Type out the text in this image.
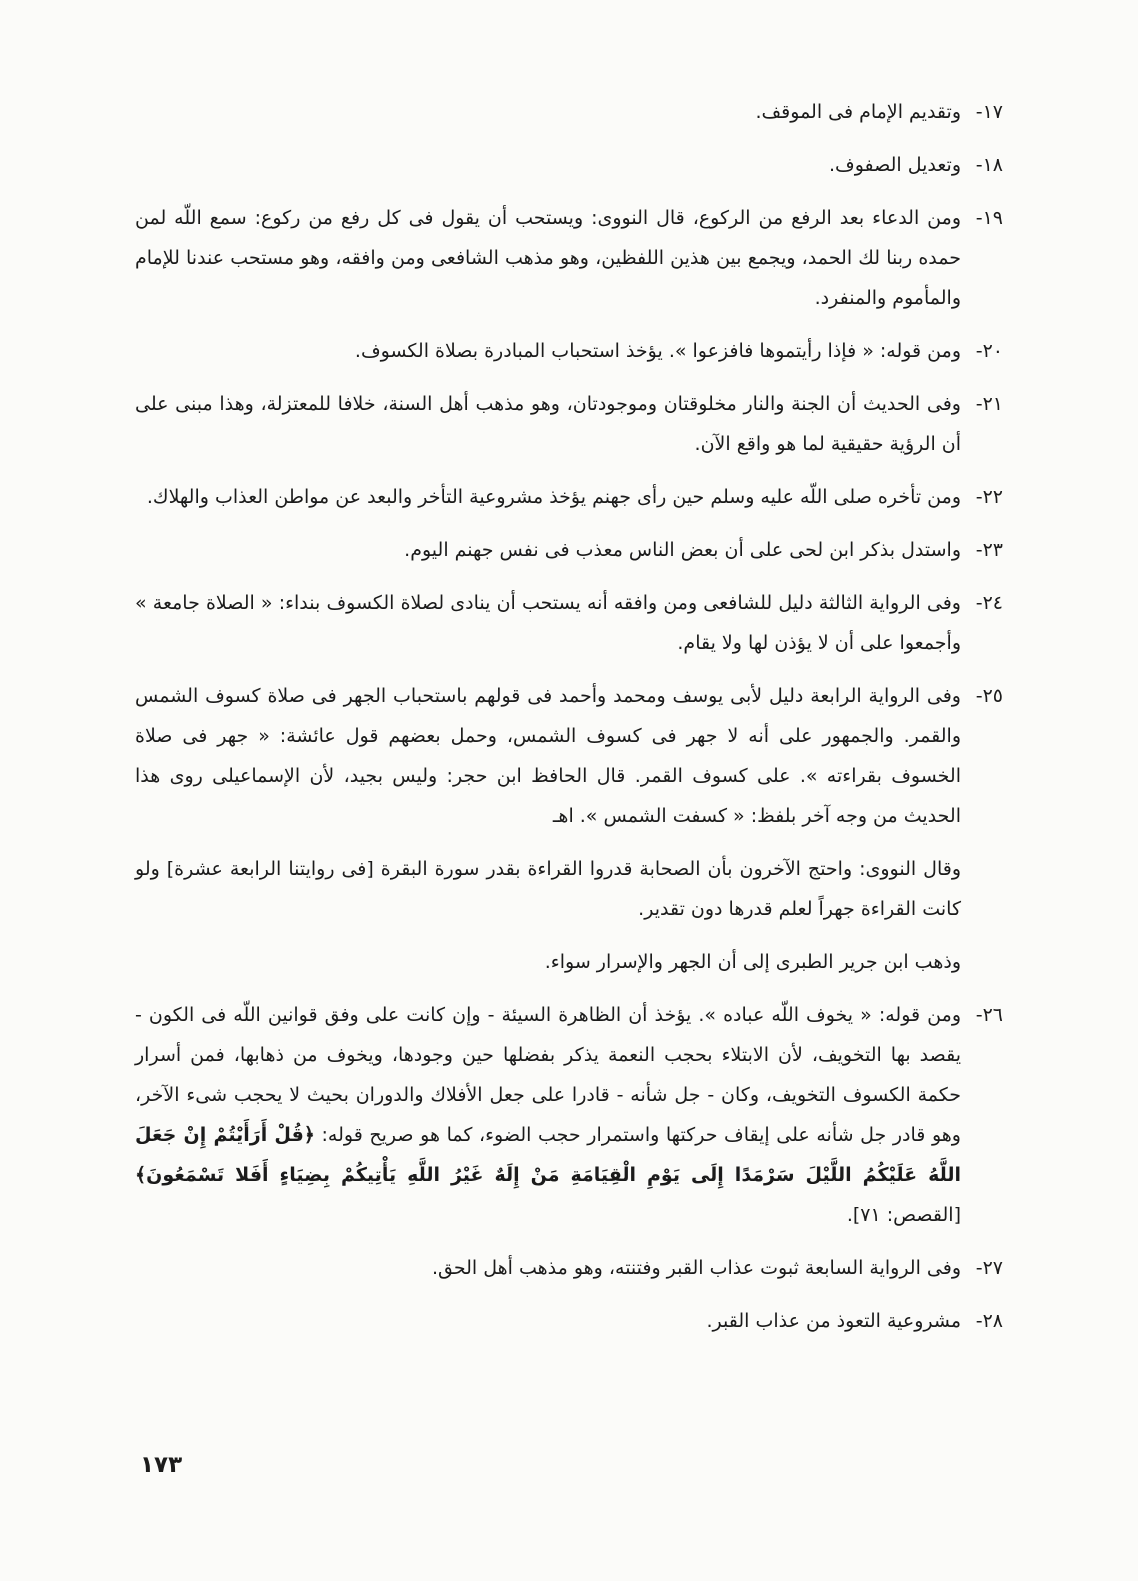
١٧-
وتقديم الإمام فى الموقف.

١٨-
وتعديل الصفوف.

١٩-
ومن الدعاء بعد الرفع من الركوع، قال النووى: ويستحب أن يقول فى كل رفع من ركوع: سمع اللّه لمن حمده ربنا لك الحمد، ويجمع بين هذين اللفظين، وهو مذهب الشافعى ومن وافقه، وهو مستحب عندنا للإمام والمأموم والمنفرد.

٢٠-
ومن قوله: « فإذا رأيتموها فافزعوا ». يؤخذ استحباب المبادرة بصلاة الكسوف.

٢١-
وفى الحديث أن الجنة والنار مخلوقتان وموجودتان، وهو مذهب أهل السنة، خلافا للمعتزلة، وهذا مبنى على أن الرؤية حقيقية لما هو واقع الآن.

٢٢-
ومن تأخره صلى اللّه عليه وسلم حين رأى جهنم يؤخذ مشروعية التأخر والبعد عن مواطن العذاب والهلاك.

٢٣-
واستدل بذكر ابن لحى على أن بعض الناس معذب فى نفس جهنم اليوم.

٢٤-
وفى الرواية الثالثة دليل للشافعى ومن وافقه أنه يستحب أن ينادى لصلاة الكسوف بنداء: « الصلاة جامعة » وأجمعوا على أن لا يؤذن لها ولا يقام.

٢٥-
وفى الرواية الرابعة دليل لأبى يوسف ومحمد وأحمد فى قولهم باستحباب الجهر فى صلاة كسوف الشمس والقمر. والجمهور على أنه لا جهر فى كسوف الشمس، وحمل بعضهم قول عائشة: « جهر فى صلاة الخسوف بقراءته ». على كسوف القمر. قال الحافظ ابن حجر: وليس بجيد، لأن الإسماعيلى روى هذا الحديث من وجه آخر بلفظ: « كسفت الشمس ». اهـ

وقال النووى: واحتج الآخرون بأن الصحابة قدروا القراءة بقدر سورة البقرة [فى روايتنا الرابعة عشرة] ولو كانت القراءة جهراً لعلم قدرها دون تقدير.

وذهب ابن جرير الطبرى إلى أن الجهر والإسرار سواء.

٢٦-
ومن قوله: « يخوف اللّه عباده ». يؤخذ أن الظاهرة السيئة - وإن كانت على وفق قوانين اللّه فى الكون - يقصد بها التخويف، لأن الابتلاء بحجب النعمة يذكر بفضلها حين وجودها، ويخوف من ذهابها، فمن أسرار حكمة الكسوف التخويف، وكان - جل شأنه - قادرا على جعل الأفلاك والدوران بحيث لا يحجب شىء الآخر، وهو قادر جل شأنه على إيقاف حركتها واستمرار حجب الضوء، كما هو صريح قوله: ﴿قُلْ أَرَأَيْتُمْ إِنْ جَعَلَ اللَّهُ عَلَيْكُمُ اللَّيْلَ سَرْمَدًا إِلَى يَوْمِ الْقِيَامَةِ مَنْ إِلَهٌ غَيْرُ اللَّهِ يَأْتِيكُمْ بِضِيَاءٍ أَفَلا تَسْمَعُونَ﴾ [القصص: ٧١].

٢٧-
وفى الرواية السابعة ثبوت عذاب القبر وفتنته، وهو مذهب أهل الحق.

٢٨-
مشروعية التعوذ من عذاب القبر.

١٧٣
